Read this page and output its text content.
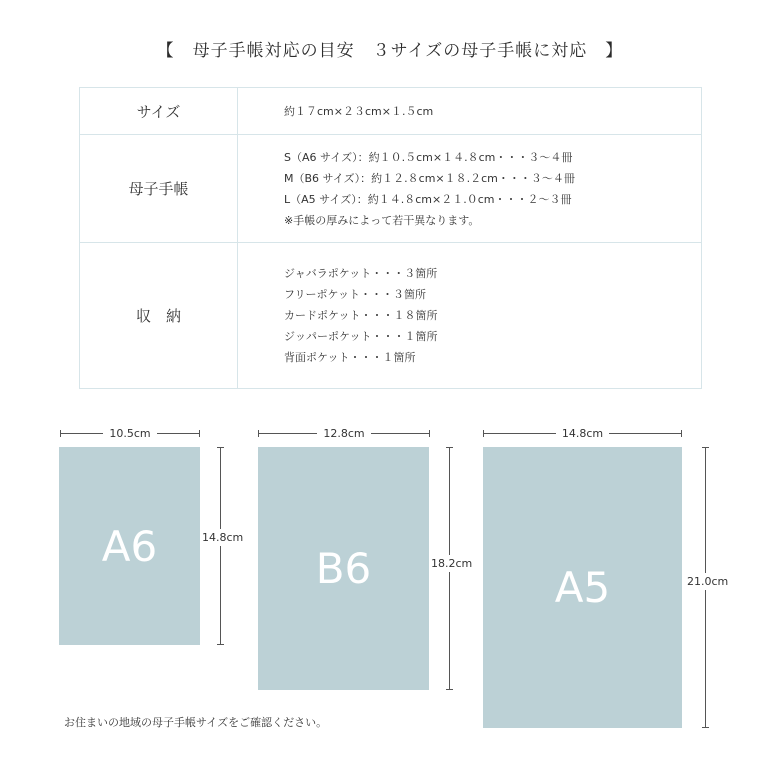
【　母子手帳対応の目安　３サイズの母子手帳に対応　】
サイズ	約１７cm×２３cm×１.５cm

母子手帳	S（A6 サイズ）：約１０.５cm×１４.８cm・・・３～４冊
M（B6 サイズ）：約１２.８cm×１８.２cm・・・３～４冊
L（A5 サイズ）：約１４.８cm×２１.０cm・・・２～３冊
※手帳の厚みによって若干異なります。

収　納	ジャバラポケット・・・３箇所
フリーポケット・・・３箇所
カードポケット・・・１８箇所
ジッパーポケット・・・１箇所
背面ポケット・・・１箇所
10.5cm
A6	14.8cm
12.8cm
B6	18.2cm
14.8cm
A5	21.0cm
お住まいの地域の母子手帳サイズをご確認ください。
